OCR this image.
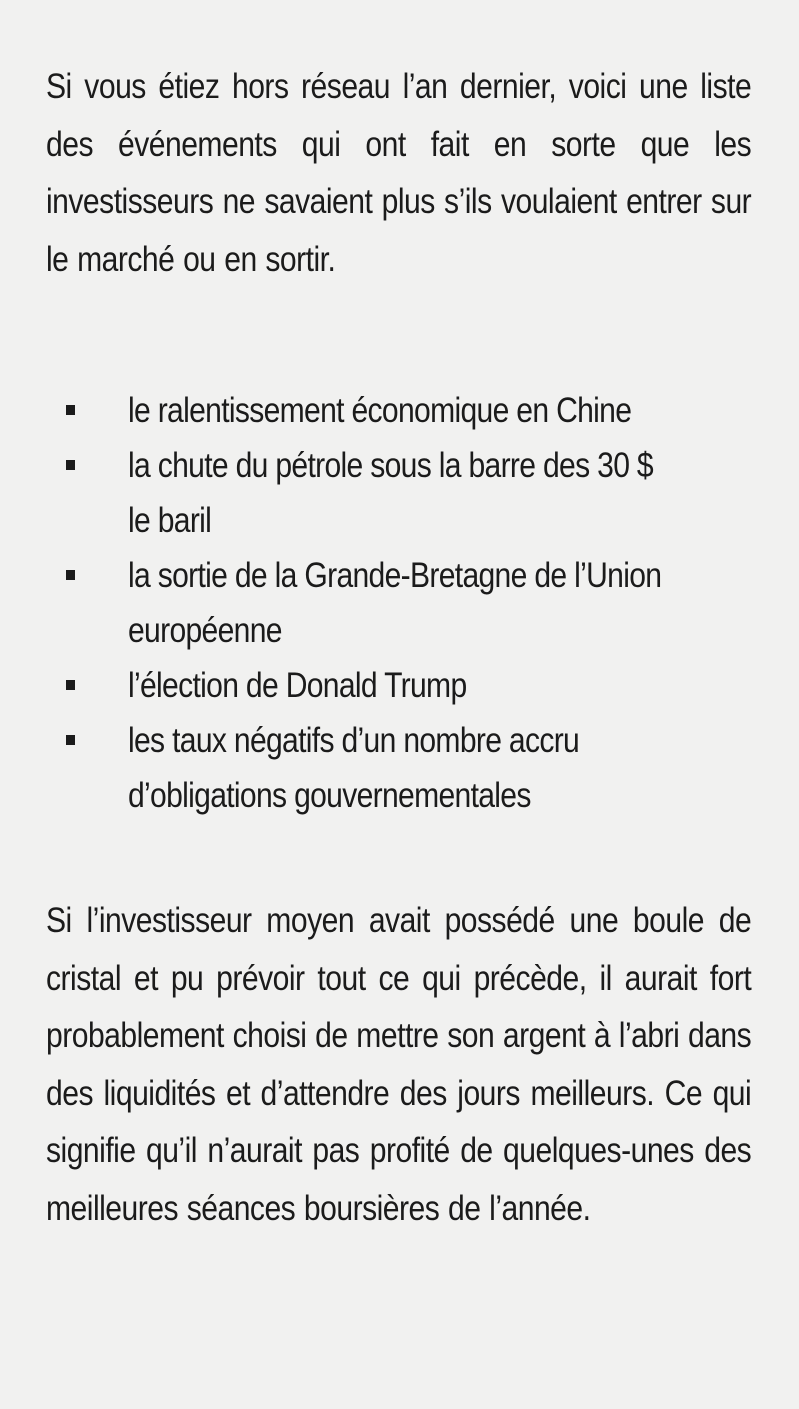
Si vous étiez hors réseau l’an dernier, voici une liste des événements qui ont fait en sorte que les investisseurs ne savaient plus s’ils voulaient entrer sur le marché ou en sortir.

le ralentissement économique en Chine
la chute du pétrole sous la barre des 30 $ le baril
la sortie de la Grande-Bretagne de l’Union européenne
l’élection de Donald Trump
les taux négatifs d’un nombre accru d’obligations gouvernementales

Si l’investisseur moyen avait possédé une boule de cristal et pu prévoir tout ce qui précède, il aurait fort probablement choisi de mettre son argent à l’abri dans des liquidités et d’attendre des jours meilleurs. Ce qui signifie qu’il n’aurait pas profité de quelques-unes des meilleures séances boursières de l’année.
